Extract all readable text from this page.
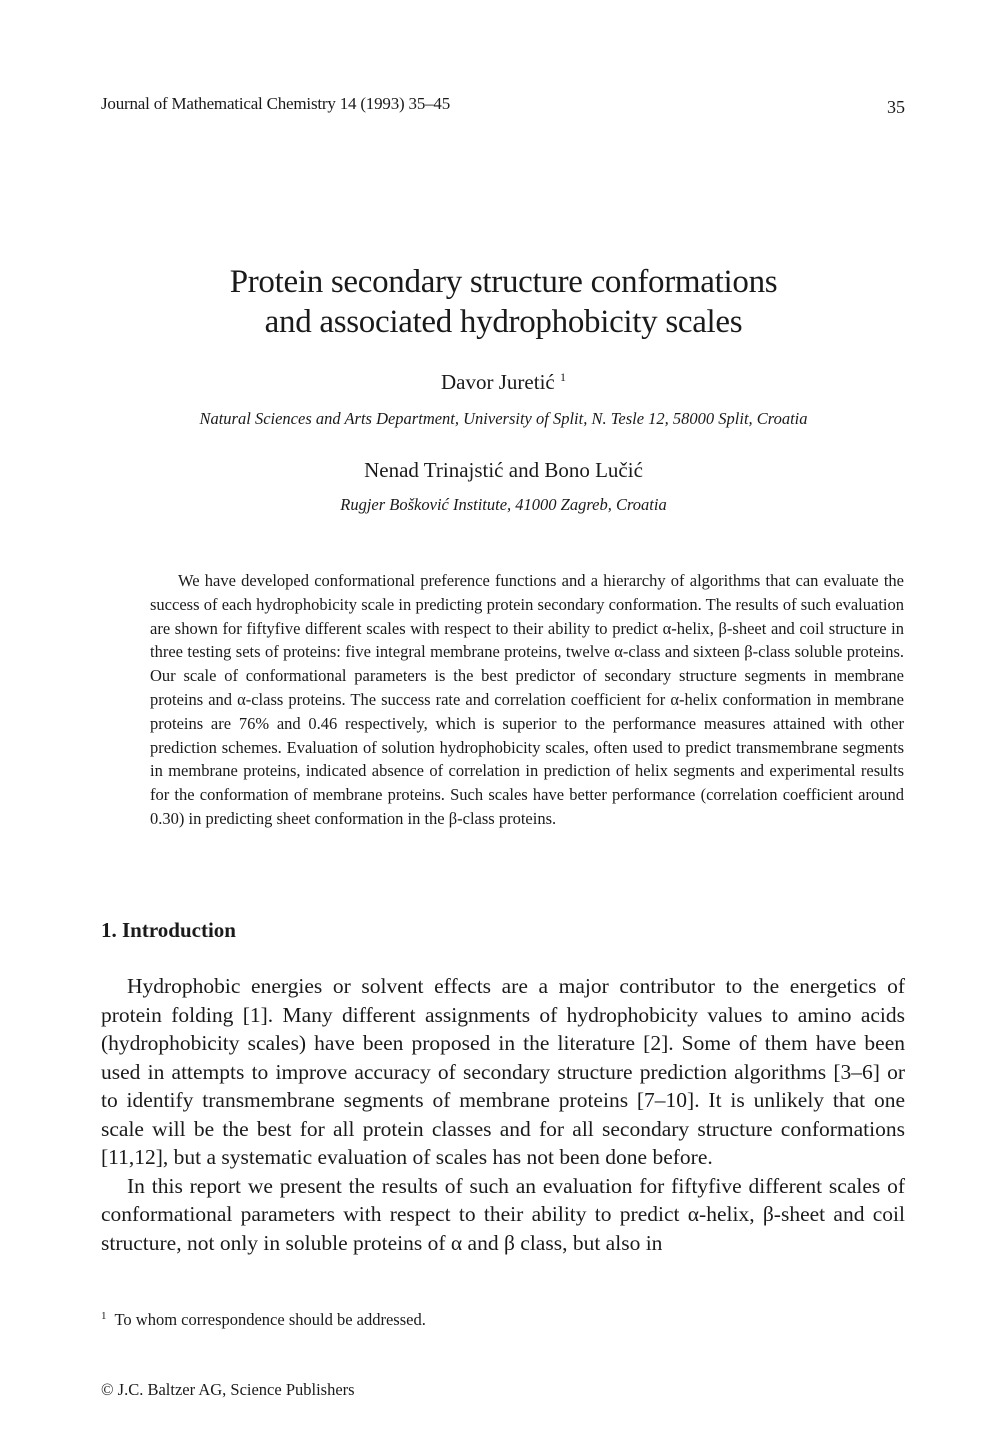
Journal of Mathematical Chemistry 14 (1993) 35–45	35
Protein secondary structure conformations
and associated hydrophobicity scales
Davor Juretić $^1$
Natural Sciences and Arts Department, University of Split, N. Tesle 12, 58000 Split, Croatia
Nenad Trinajstić and Bono Lučić
Rugjer Bošković Institute, 41000 Zagreb, Croatia

We have developed conformational preference functions and a hierarchy of algorithms that can evaluate the success of each hydrophobicity scale in predicting protein secondary conformation. The results of such evaluation are shown for fiftyfive different scales with respect to their ability to predict α-helix, β-sheet and coil structure in three testing sets of proteins: five integral membrane proteins, twelve α-class and sixteen β-class soluble proteins. Our scale of conformational parameters is the best predictor of secondary structure segments in membrane proteins and α-class proteins. The success rate and correlation coefficient for α-helix conformation in membrane proteins are 76% and 0.46 respectively, which is superior to the performance measures attained with other prediction schemes. Evaluation of solution hydrophobicity scales, often used to predict transmembrane segments in membrane proteins, indicated absence of correlation in prediction of helix segments and experimental results for the conformation of membrane proteins. Such scales have better performance (correlation coefficient around 0.30) in predicting sheet conformation in the β-class proteins.

1. Introduction

Hydrophobic energies or solvent effects are a major contributor to the energetics of protein folding [1]. Many different assignments of hydrophobicity values to amino acids (hydrophobicity scales) have been proposed in the literature [2]. Some of them have been used in attempts to improve accuracy of secondary structure prediction algorithms [3–6] or to identify transmembrane segments of membrane proteins [7–10]. It is unlikely that one scale will be the best for all protein classes and for all secondary structure conformations [11,12], but a systematic evaluation of scales has not been done before.

In this report we present the results of such an evaluation for fiftyfive different scales of conformational parameters with respect to their ability to predict α-helix, β-sheet and coil structure, not only in soluble proteins of α and β class, but also in

$^1$ To whom correspondence should be addressed.
© J.C. Baltzer AG, Science Publishers
